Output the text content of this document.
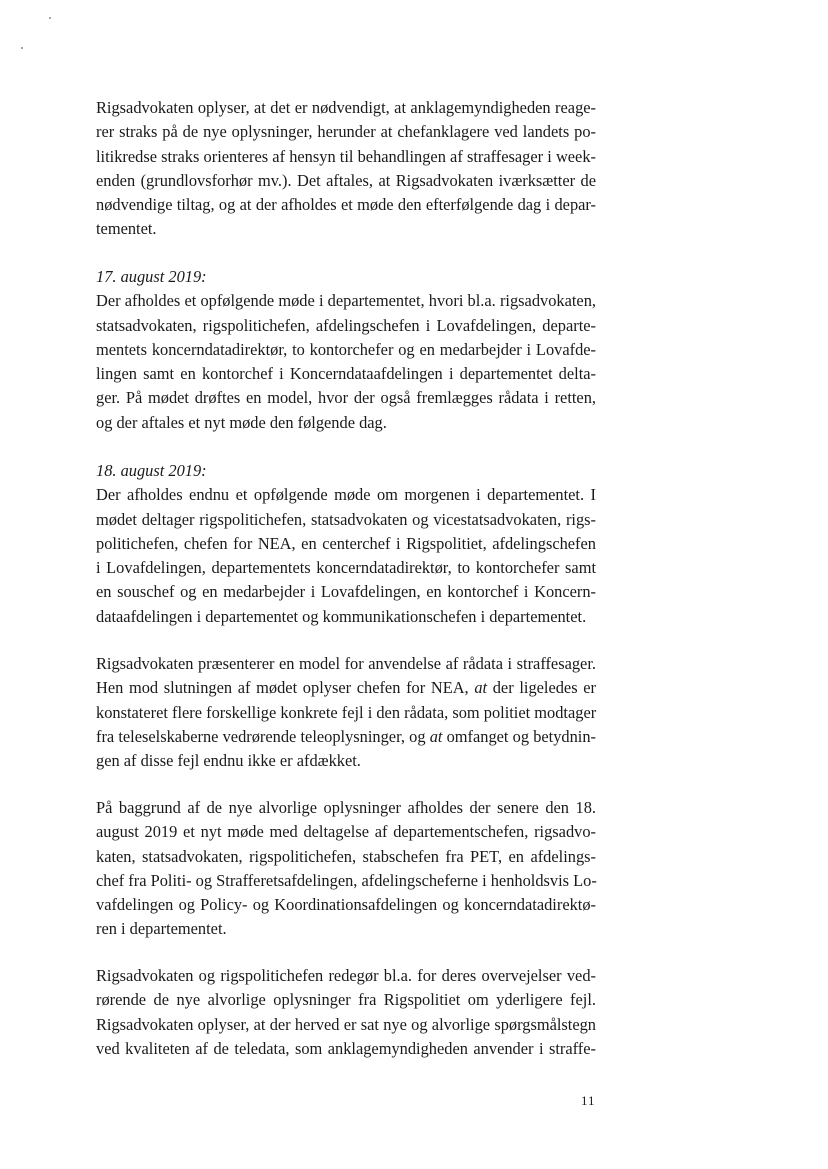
Rigsadvokaten oplyser, at det er nødvendigt, at anklagemyndigheden reage-
rer straks på de nye oplysninger, herunder at chefanklagere ved landets po-
litikredse straks orienteres af hensyn til behandlingen af straffesager i week-
enden (grundlovsforhør mv.). Det aftales, at Rigsadvokaten iværksætter de
nødvendige tiltag, og at der afholdes et møde den efterfølgende dag i depar-
tementet.
17. august 2019:
Der afholdes et opfølgende møde i departementet, hvori bl.a. rigsadvokaten,
statsadvokaten, rigspolitichefen, afdelingschefen i Lovafdelingen, departe-
mentets koncerndatadirektør, to kontorchefer og en medarbejder i Lovafde-
lingen samt en kontorchef i Koncerndataafdelingen i departementet delta-
ger. På mødet drøftes en model, hvor der også fremlægges rådata i retten,
og der aftales et nyt møde den følgende dag.
18. august 2019:
Der afholdes endnu et opfølgende møde om morgenen i departementet. I
mødet deltager rigspolitichefen, statsadvokaten og vicestatsadvokaten, rigs-
politichefen, chefen for NEA, en centerchef i Rigspolitiet, afdelingschefen
i Lovafdelingen, departementets koncerndatadirektør, to kontorchefer samt
en souschef og en medarbejder i Lovafdelingen, en kontorchef i Koncern-
dataafdelingen i departementet og kommunikationschefen i departementet.
Rigsadvokaten præsenterer en model for anvendelse af rådata i straffesager.
Hen mod slutningen af mødet oplyser chefen for NEA, at der ligeledes er
konstateret flere forskellige konkrete fejl i den rådata, som politiet modtager
fra teleselskaberne vedrørende teleoplysninger, og at omfanget og betydnin-
gen af disse fejl endnu ikke er afdækket.
På baggrund af de nye alvorlige oplysninger afholdes der senere den 18.
august 2019 et nyt møde med deltagelse af departementschefen, rigsadvo-
katen, statsadvokaten, rigspolitichefen, stabschefen fra PET, en afdelings-
chef fra Politi- og Strafferetsafdelingen, afdelingscheferne i henholdsvis Lo-
vafdelingen og Policy- og Koordinationsafdelingen og koncerndatadirektø-
ren i departementet.
Rigsadvokaten og rigspolitichefen redegør bl.a. for deres overvejelser ved-
rørende de nye alvorlige oplysninger fra Rigspolitiet om yderligere fejl.
Rigsadvokaten oplyser, at der herved er sat nye og alvorlige spørgsmålstegn
ved kvaliteten af de teledata, som anklagemyndigheden anvender i straffe-
11
